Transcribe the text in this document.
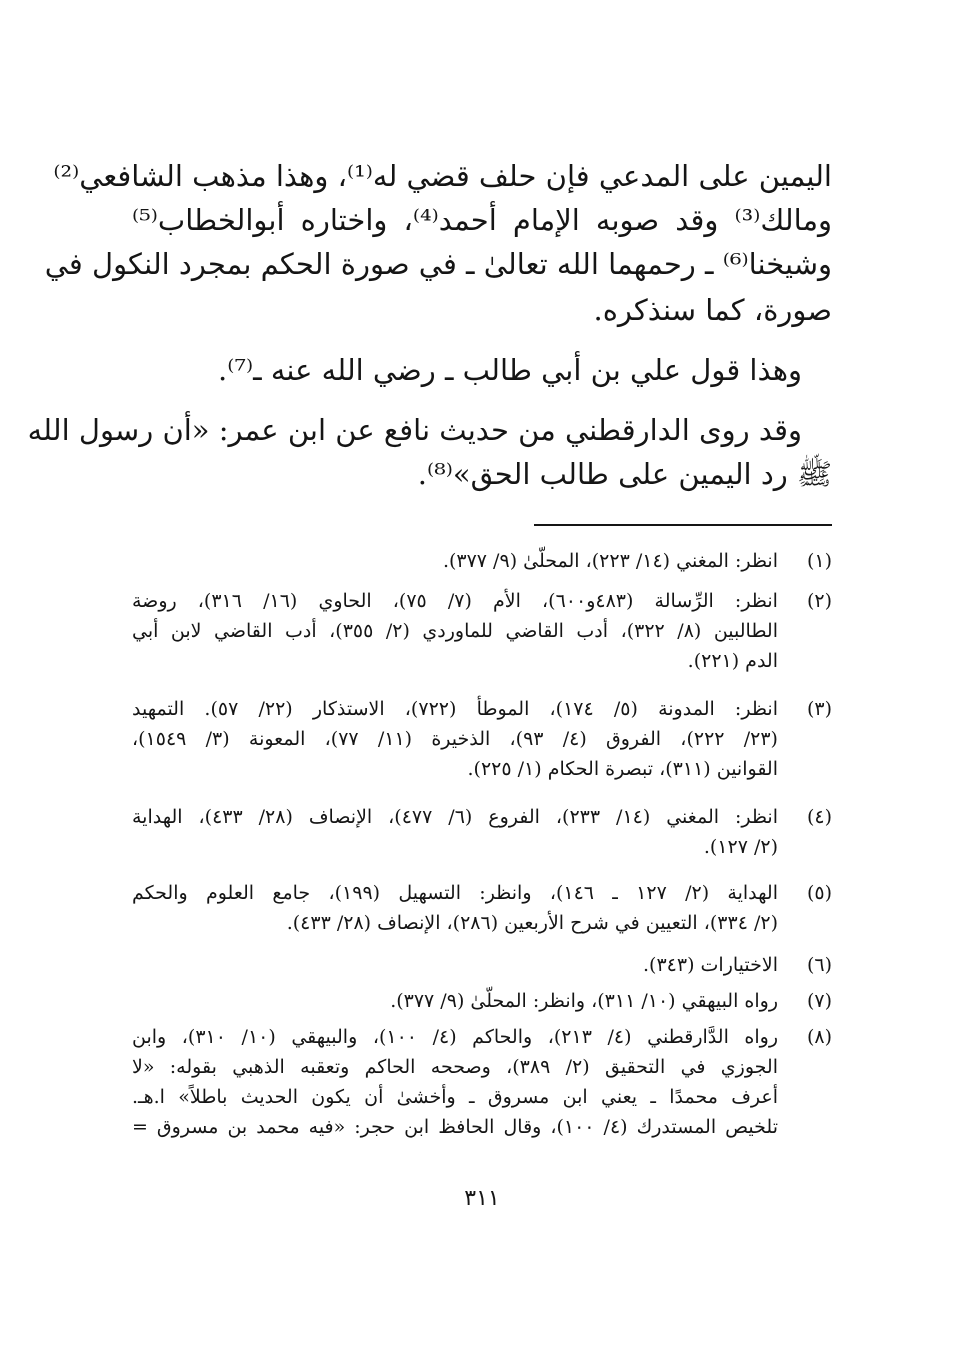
اليمين على المدعي فإن حلف قضي له⁽¹⁾، وهذا مذهب الشافعي⁽²⁾
ومالك⁽³⁾ وقد صوبه الإمام أحمد⁽⁴⁾، واختاره أبوالخطاب⁽⁵⁾
وشيخنا⁽⁶⁾ ـ رحمهما الله تعالىٰ ـ في صورة الحكم بمجرد النكول في
صورة، كما سنذكره.
وهذا قول علي بن أبي طالب ـ رضي الله عنه ـ⁽⁷⁾.
وقد روى الدارقطني من حديث نافع عن ابن عمر: «أن رسول الله
ﷺ رد اليمين على طالب الحق»⁽⁸⁾.
(١)
انظر: المغني (١٤/ ٢٢٣)، المحلّىٰ (٩/ ٣٧٧).
(٢)
انظر: الرِّسالة (٤٨٣و٦٠٠)، الأم (٧/ ٧٥)، الحاوي (١٦/ ٣١٦)، روضة
الطالبين (٨/ ٣٢٢)، أدب القاضي للماوردي (٢/ ٣٥٥)، أدب القاضي لابن أبي
الدم (٢٢١).
(٣)
انظر: المدونة (٥/ ١٧٤)، الموطأ (٧٢٢)، الاستذكار (٢٢/ ٥٧). التمهيد
(٢٣/ ٢٢٢)، الفروق (٤/ ٩٣)، الذخيرة (١١/ ٧٧)، المعونة (٣/ ١٥٤٩)،
القوانين (٣١١)، تبصرة الحكام (١/ ٢٢٥).
(٤)
انظر: المغني (١٤/ ٢٣٣)، الفروع (٦/ ٤٧٧)، الإنصاف (٢٨/ ٤٣٣)، الهداية
(٢/ ١٢٧).
(٥)
الهداية (٢/ ١٢٧ ـ ١٤٦)، وانظر: التسهيل (١٩٩)، جامع العلوم والحكم
(٢/ ٣٣٤)، التعيين في شرح الأربعين (٢٨٦)، الإنصاف (٢٨/ ٤٣٣).
(٦)
الاختيارات (٣٤٣).
(٧)
رواه البيهقي (١٠/ ٣١١)، وانظر: المحلّىٰ (٩/ ٣٧٧).
(٨)
رواه الدَّارقطني (٤/ ٢١٣)، والحاكم (٤/ ١٠٠)، والبيهقي (١٠/ ٣١٠)، وابن
الجوزي في التحقيق (٢/ ٣٨٩)، وصححه الحاكم وتعقبه الذهبي بقوله: «لا
أعرف محمدًا ـ يعني ابن مسروق ـ وأخشىٰ أن يكون الحديث باطلاً» ا.هـ.
تلخيص المستدرك (٤/ ١٠٠)، وقال الحافظ ابن حجر: «فيه محمد بن مسروق =
٣١١
